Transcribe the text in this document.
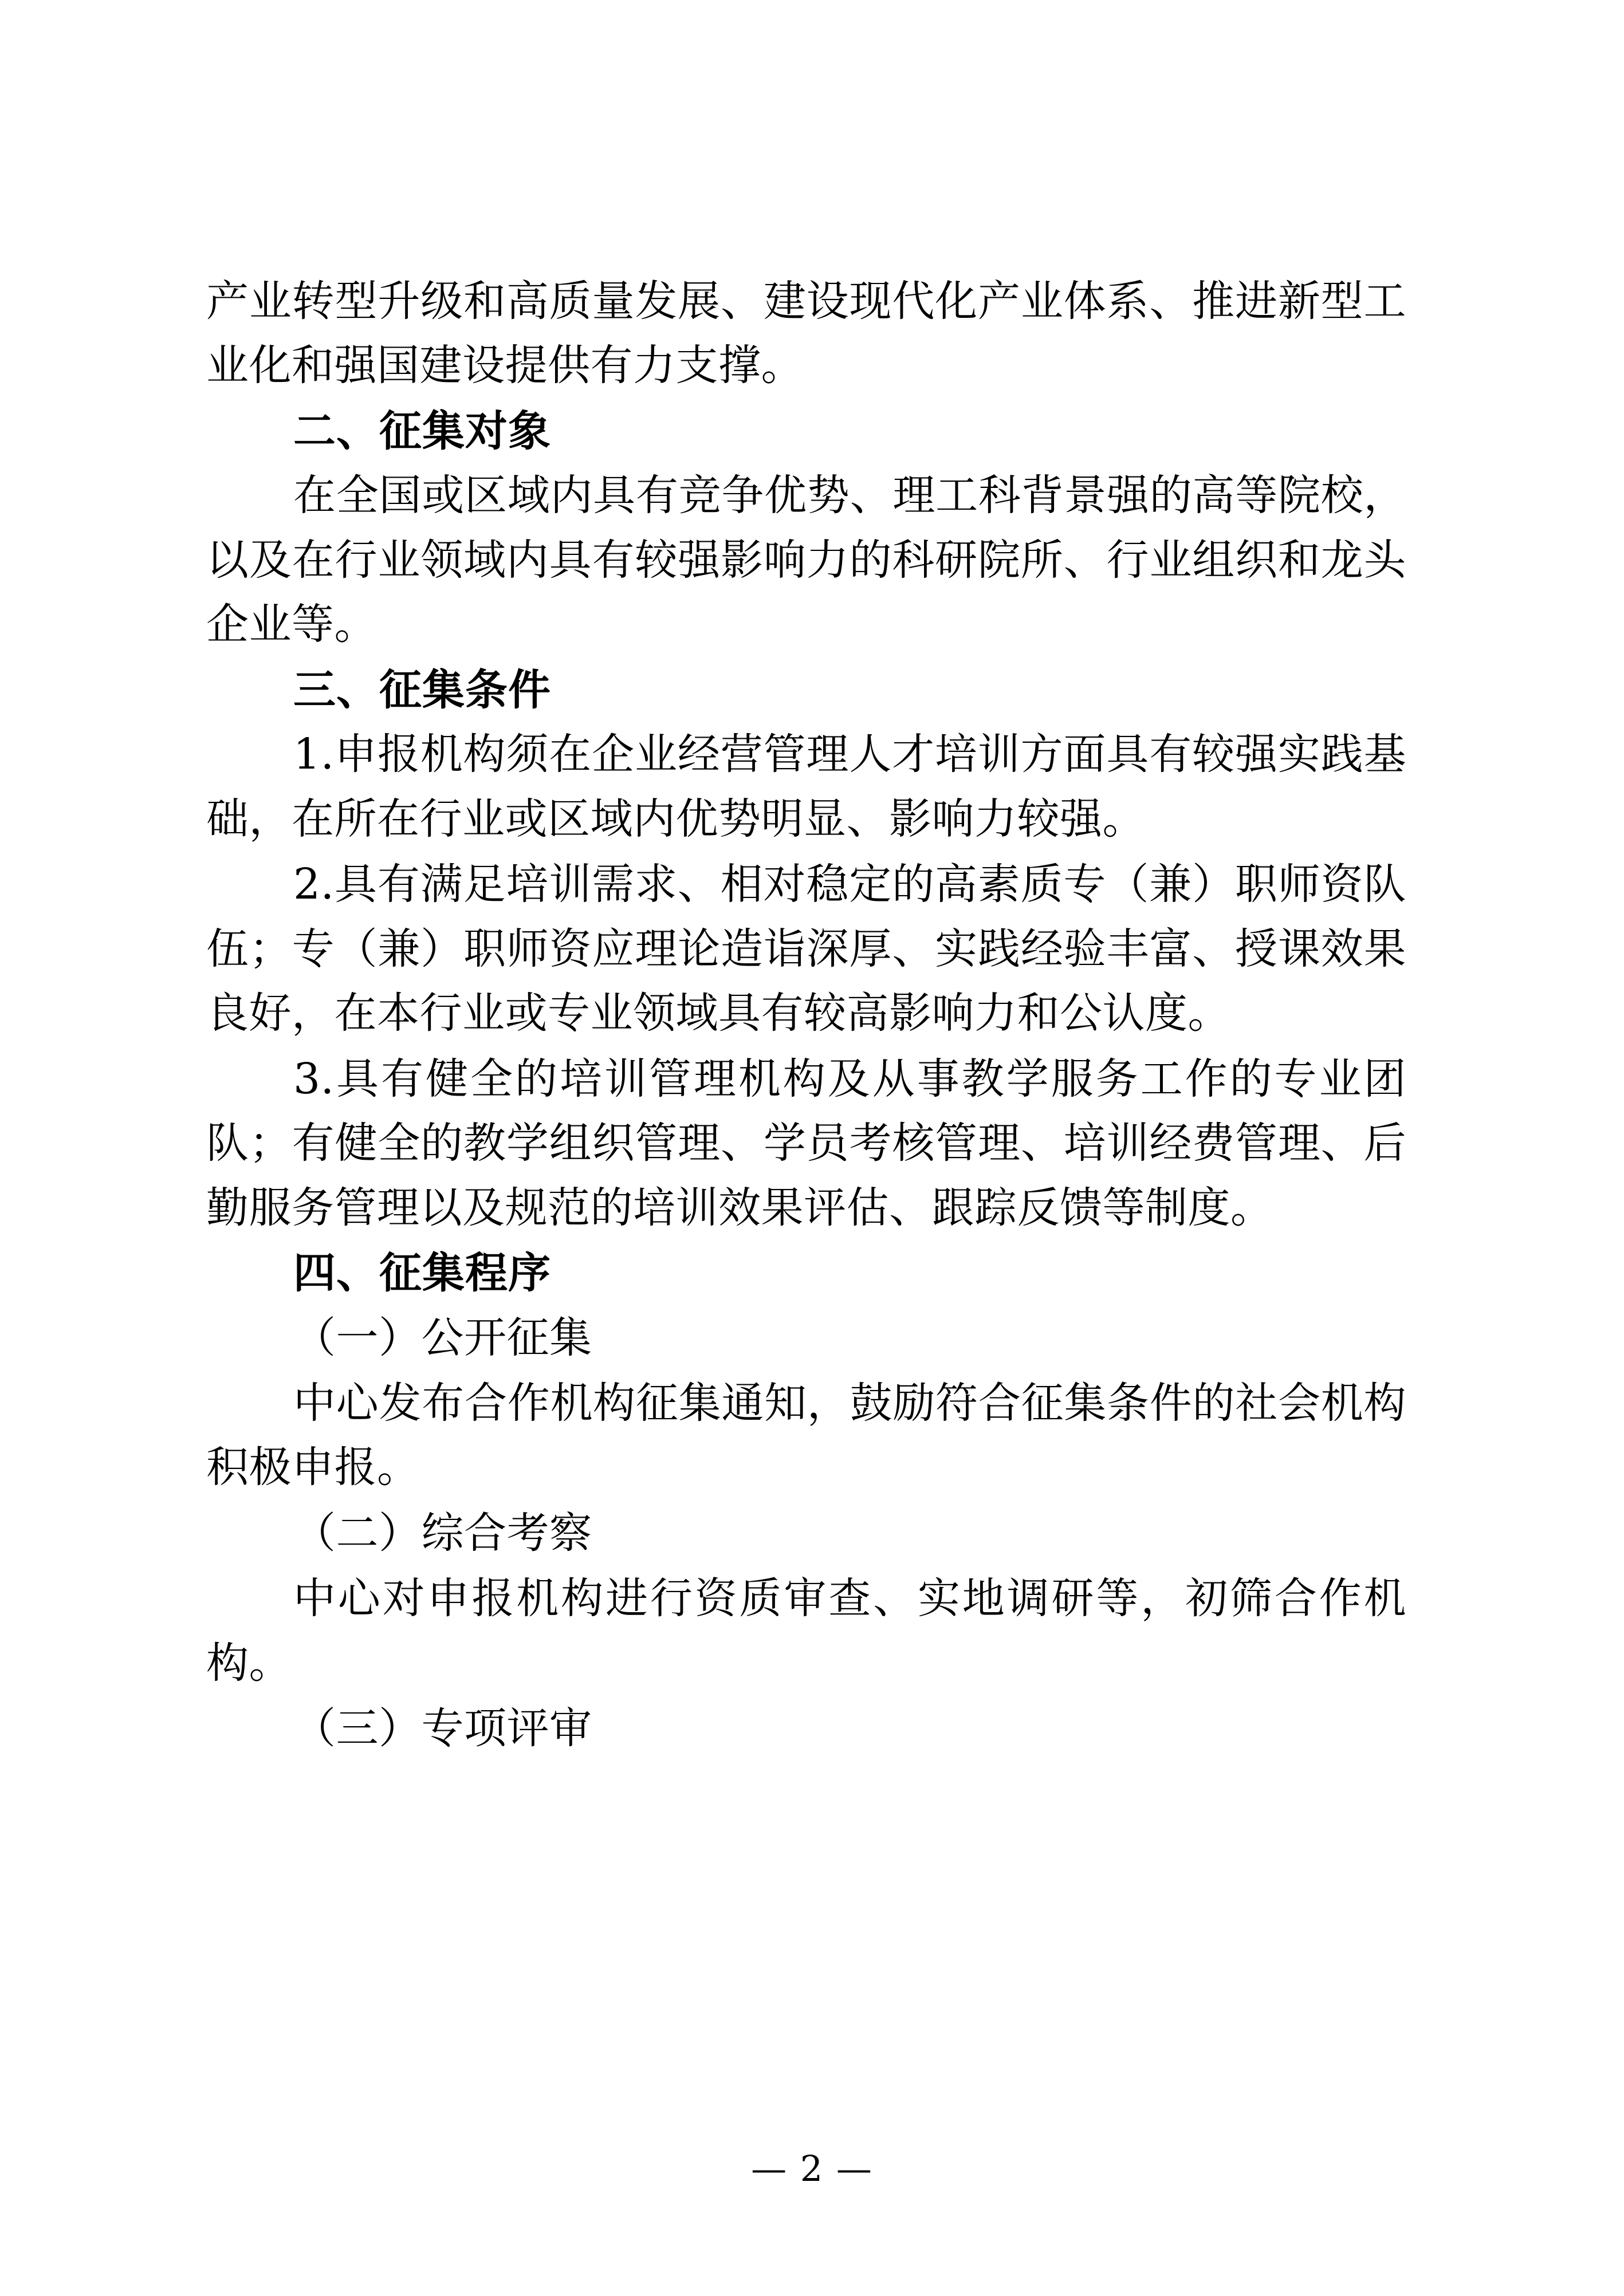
产业转型升级和高质量发展、建设现代化产业体系、推进新型工业化和强国建设提供有力支撑。

二、征集对象

在全国或区域内具有竞争优势、理工科背景强的高等院校，以及在行业领域内具有较强影响力的科研院所、行业组织和龙头企业等。

三、征集条件

1.申报机构须在企业经营管理人才培训方面具有较强实践基础，在所在行业或区域内优势明显、影响力较强。

2.具有满足培训需求、相对稳定的高素质专（兼）职师资队伍；专（兼）职师资应理论造诣深厚、实践经验丰富、授课效果良好，在本行业或专业领域具有较高影响力和公认度。

3.具有健全的培训管理机构及从事教学服务工作的专业团队；有健全的教学组织管理、学员考核管理、培训经费管理、后勤服务管理以及规范的培训效果评估、跟踪反馈等制度。

四、征集程序

（一）公开征集

中心发布合作机构征集通知，鼓励符合征集条件的社会机构积极申报。

（二）综合考察

中心对申报机构进行资质审查、实地调研等，初筛合作机构。

（三）专项评审

— 2 —
